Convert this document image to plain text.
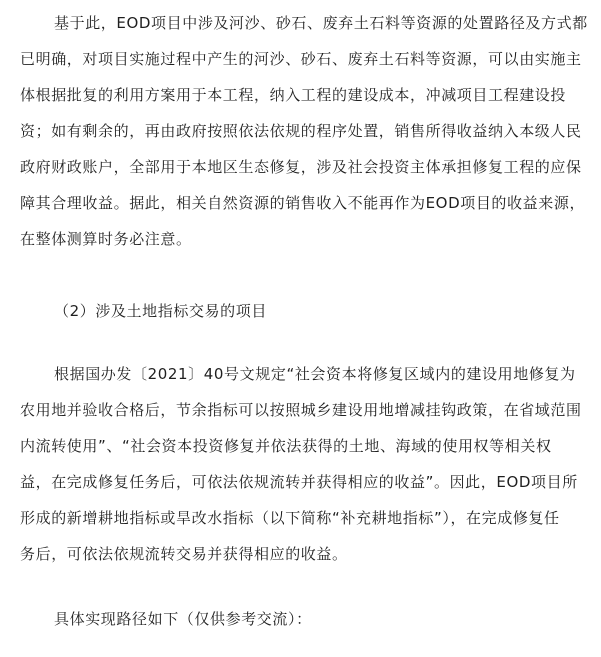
基于此，EOD项目中涉及河沙、砂石、废弃土石料等资源的处置路径及方式都
已明确，对项目实施过程中产生的河沙、砂石、废弃土石料等资源，可以由实施主
体根据批复的利用方案用于本工程，纳入工程的建设成本，冲减项目工程建设投
资；如有剩余的，再由政府按照依法依规的程序处置，销售所得收益纳入本级人民
政府财政账户，全部用于本地区生态修复，涉及社会投资主体承担修复工程的应保
障其合理收益。据此，相关自然资源的销售收入不能再作为EOD项目的收益来源，
在整体测算时务必注意。
（2）涉及土地指标交易的项目
根据国办发〔2021〕40号文规定“社会资本将修复区域内的建设用地修复为
农用地并验收合格后，节余指标可以按照城乡建设用地增减挂钩政策，在省域范围
内流转使用”、“社会资本投资修复并依法获得的土地、海域的使用权等相关权
益，在完成修复任务后，可依法依规流转并获得相应的收益”。因此，EOD项目所
形成的新增耕地指标或旱改水指标（以下简称“补充耕地指标”），在完成修复任
务后，可依法依规流转交易并获得相应的收益。
具体实现路径如下（仅供参考交流）：
